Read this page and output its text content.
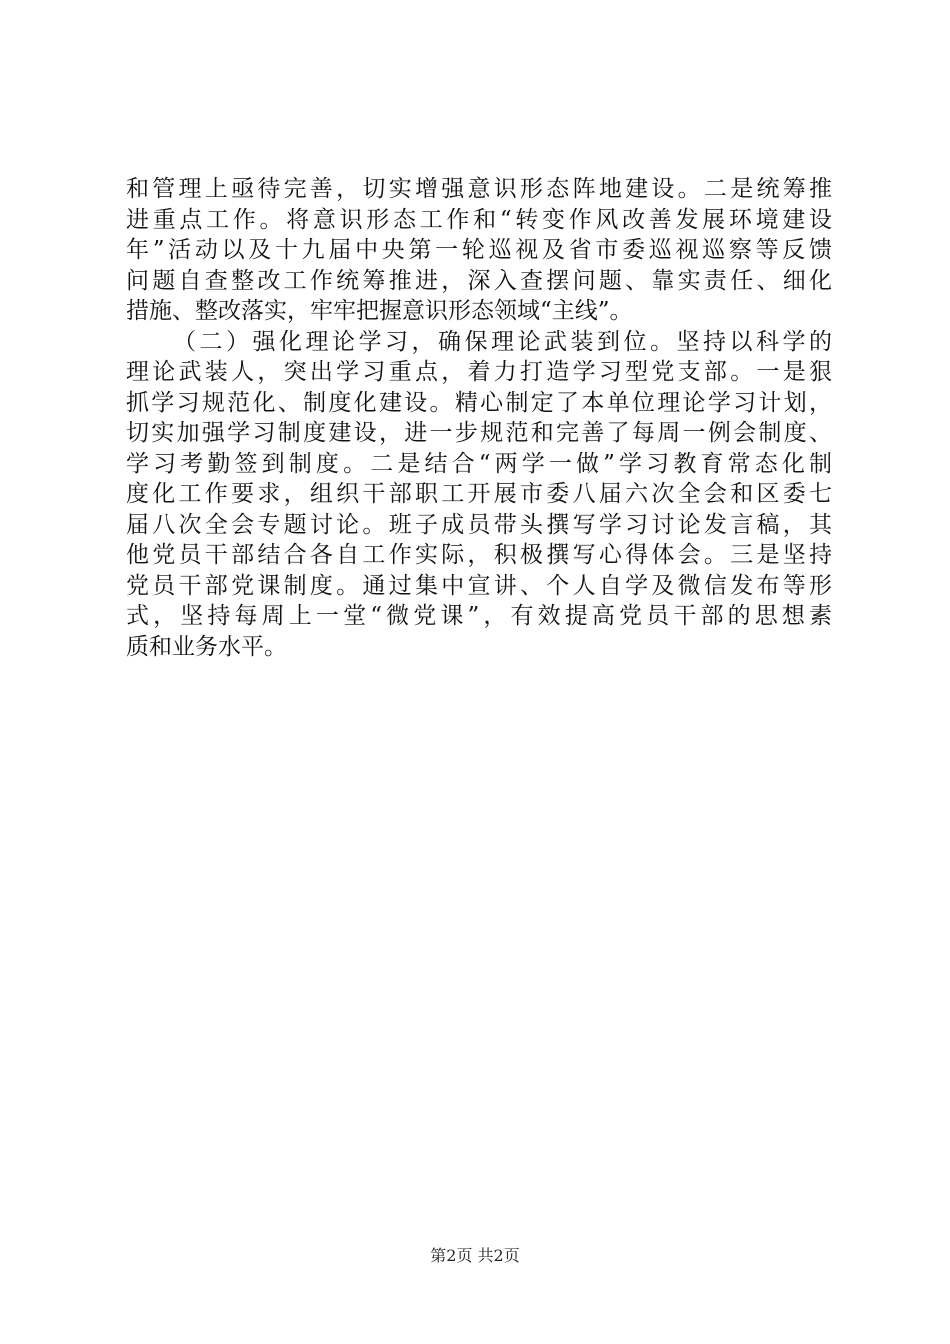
和管理上亟待完善，切实增强意识形态阵地建设。二是统筹推
进重点工作。将意识形态工作和“转变作风改善发展环境建设
年”活动以及十九届中央第一轮巡视及省市委巡视巡察等反馈
问题自查整改工作统筹推进，深入查摆问题、靠实责任、细化
措施、整改落实，牢牢把握意识形态领域“主线”。
（二）强化理论学习，确保理论武装到位。坚持以科学的
理论武装人，突出学习重点，着力打造学习型党支部。一是狠
抓学习规范化、制度化建设。精心制定了本单位理论学习计划，
切实加强学习制度建设，进一步规范和完善了每周一例会制度、
学习考勤签到制度。二是结合“两学一做”学习教育常态化制
度化工作要求，组织干部职工开展市委八届六次全会和区委七
届八次全会专题讨论。班子成员带头撰写学习讨论发言稿，其
他党员干部结合各自工作实际，积极撰写心得体会。三是坚持
党员干部党课制度。通过集中宣讲、个人自学及微信发布等形
式，坚持每周上一堂“微党课”，有效提高党员干部的思想素
质和业务水平。
第2页 共2页
